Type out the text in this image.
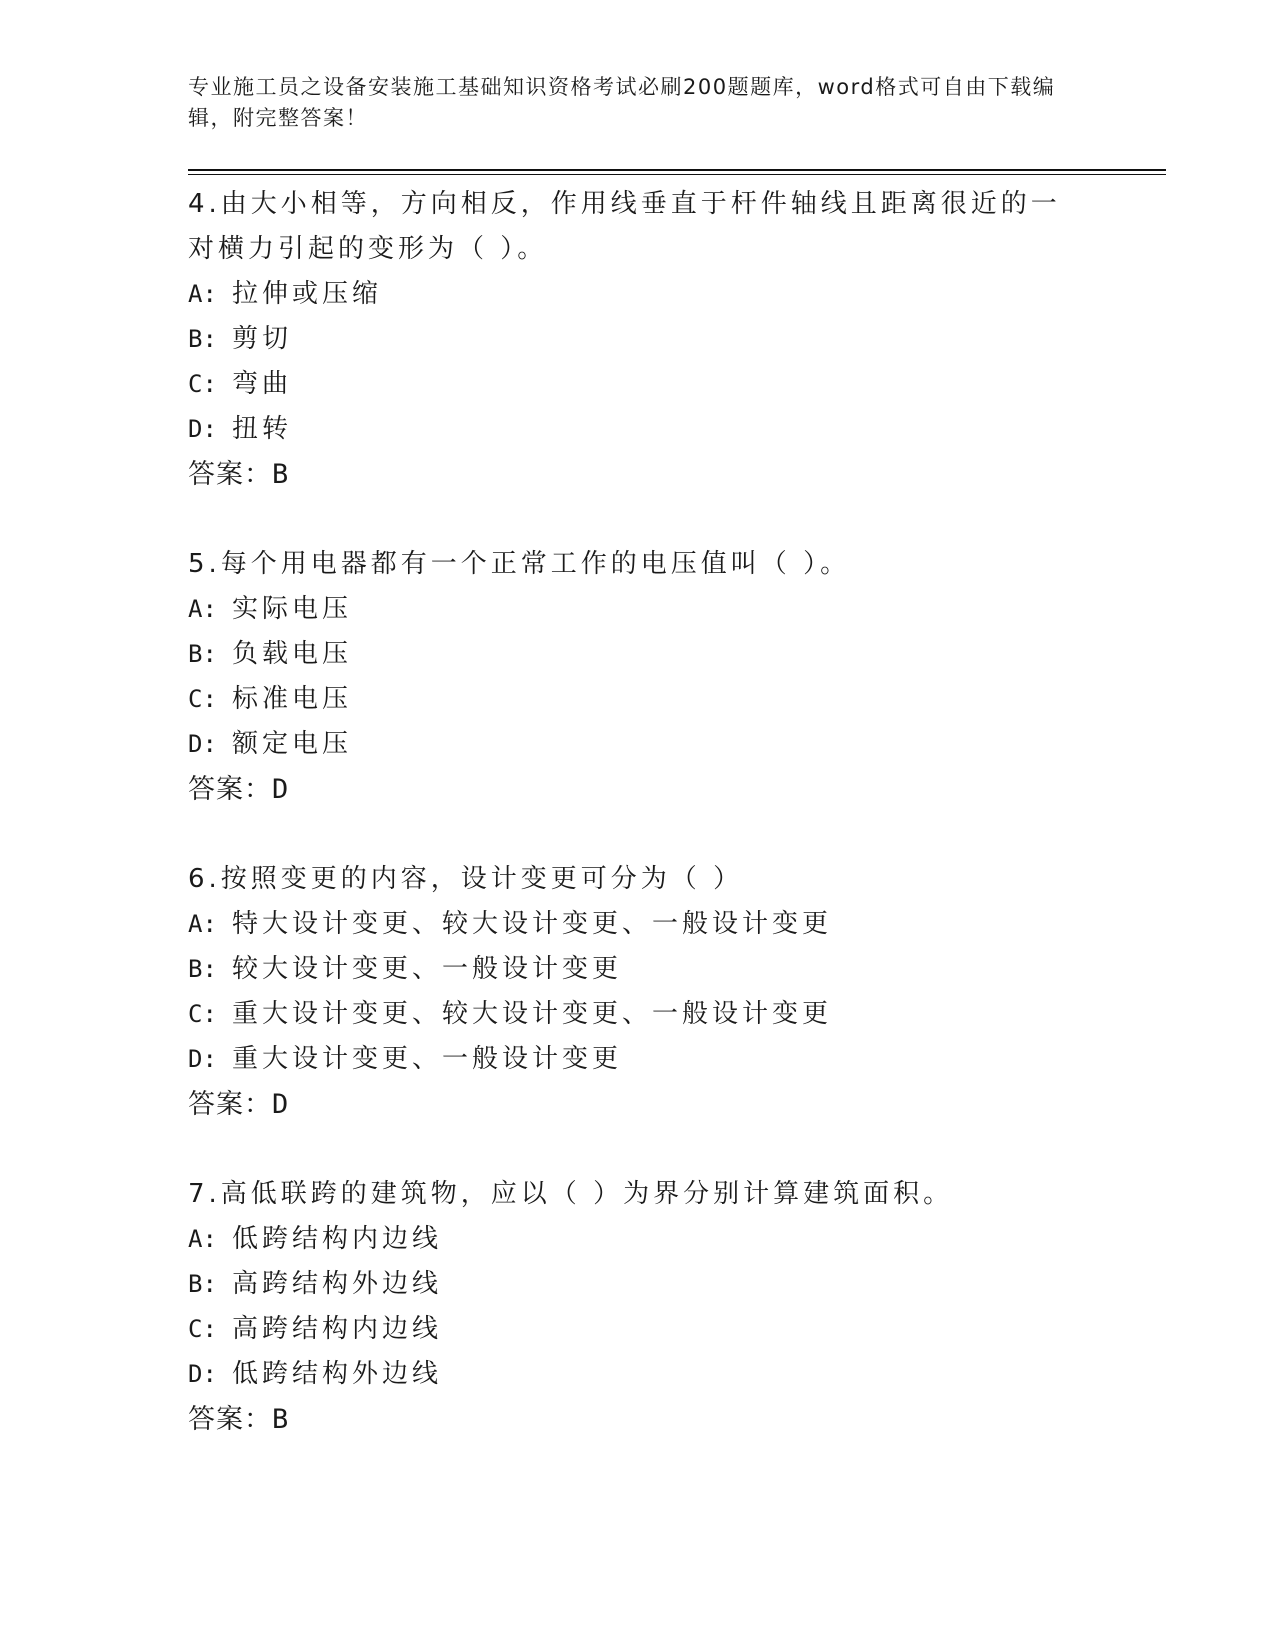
专业施工员之设备安装施工基础知识资格考试必刷200题题库，word格式可自由下载编辑，附完整答案！

4.由大小相等，方向相反，作用线垂直于杆件轴线且距离很近的一对横力引起的变形为（ ）。

A: 拉伸或压缩

B: 剪切

C: 弯曲

D: 扭转

答案：B

5.每个用电器都有一个正常工作的电压值叫（ ）。

A: 实际电压

B: 负载电压

C: 标准电压

D: 额定电压

答案：D

6.按照变更的内容，设计变更可分为（ ）

A: 特大设计变更、较大设计变更、一般设计变更

B: 较大设计变更、一般设计变更

C: 重大设计变更、较大设计变更、一般设计变更

D: 重大设计变更、一般设计变更

答案：D

7.高低联跨的建筑物，应以（ ）为界分别计算建筑面积。

A: 低跨结构内边线

B: 高跨结构外边线

C: 高跨结构内边线

D: 低跨结构外边线

答案：B
